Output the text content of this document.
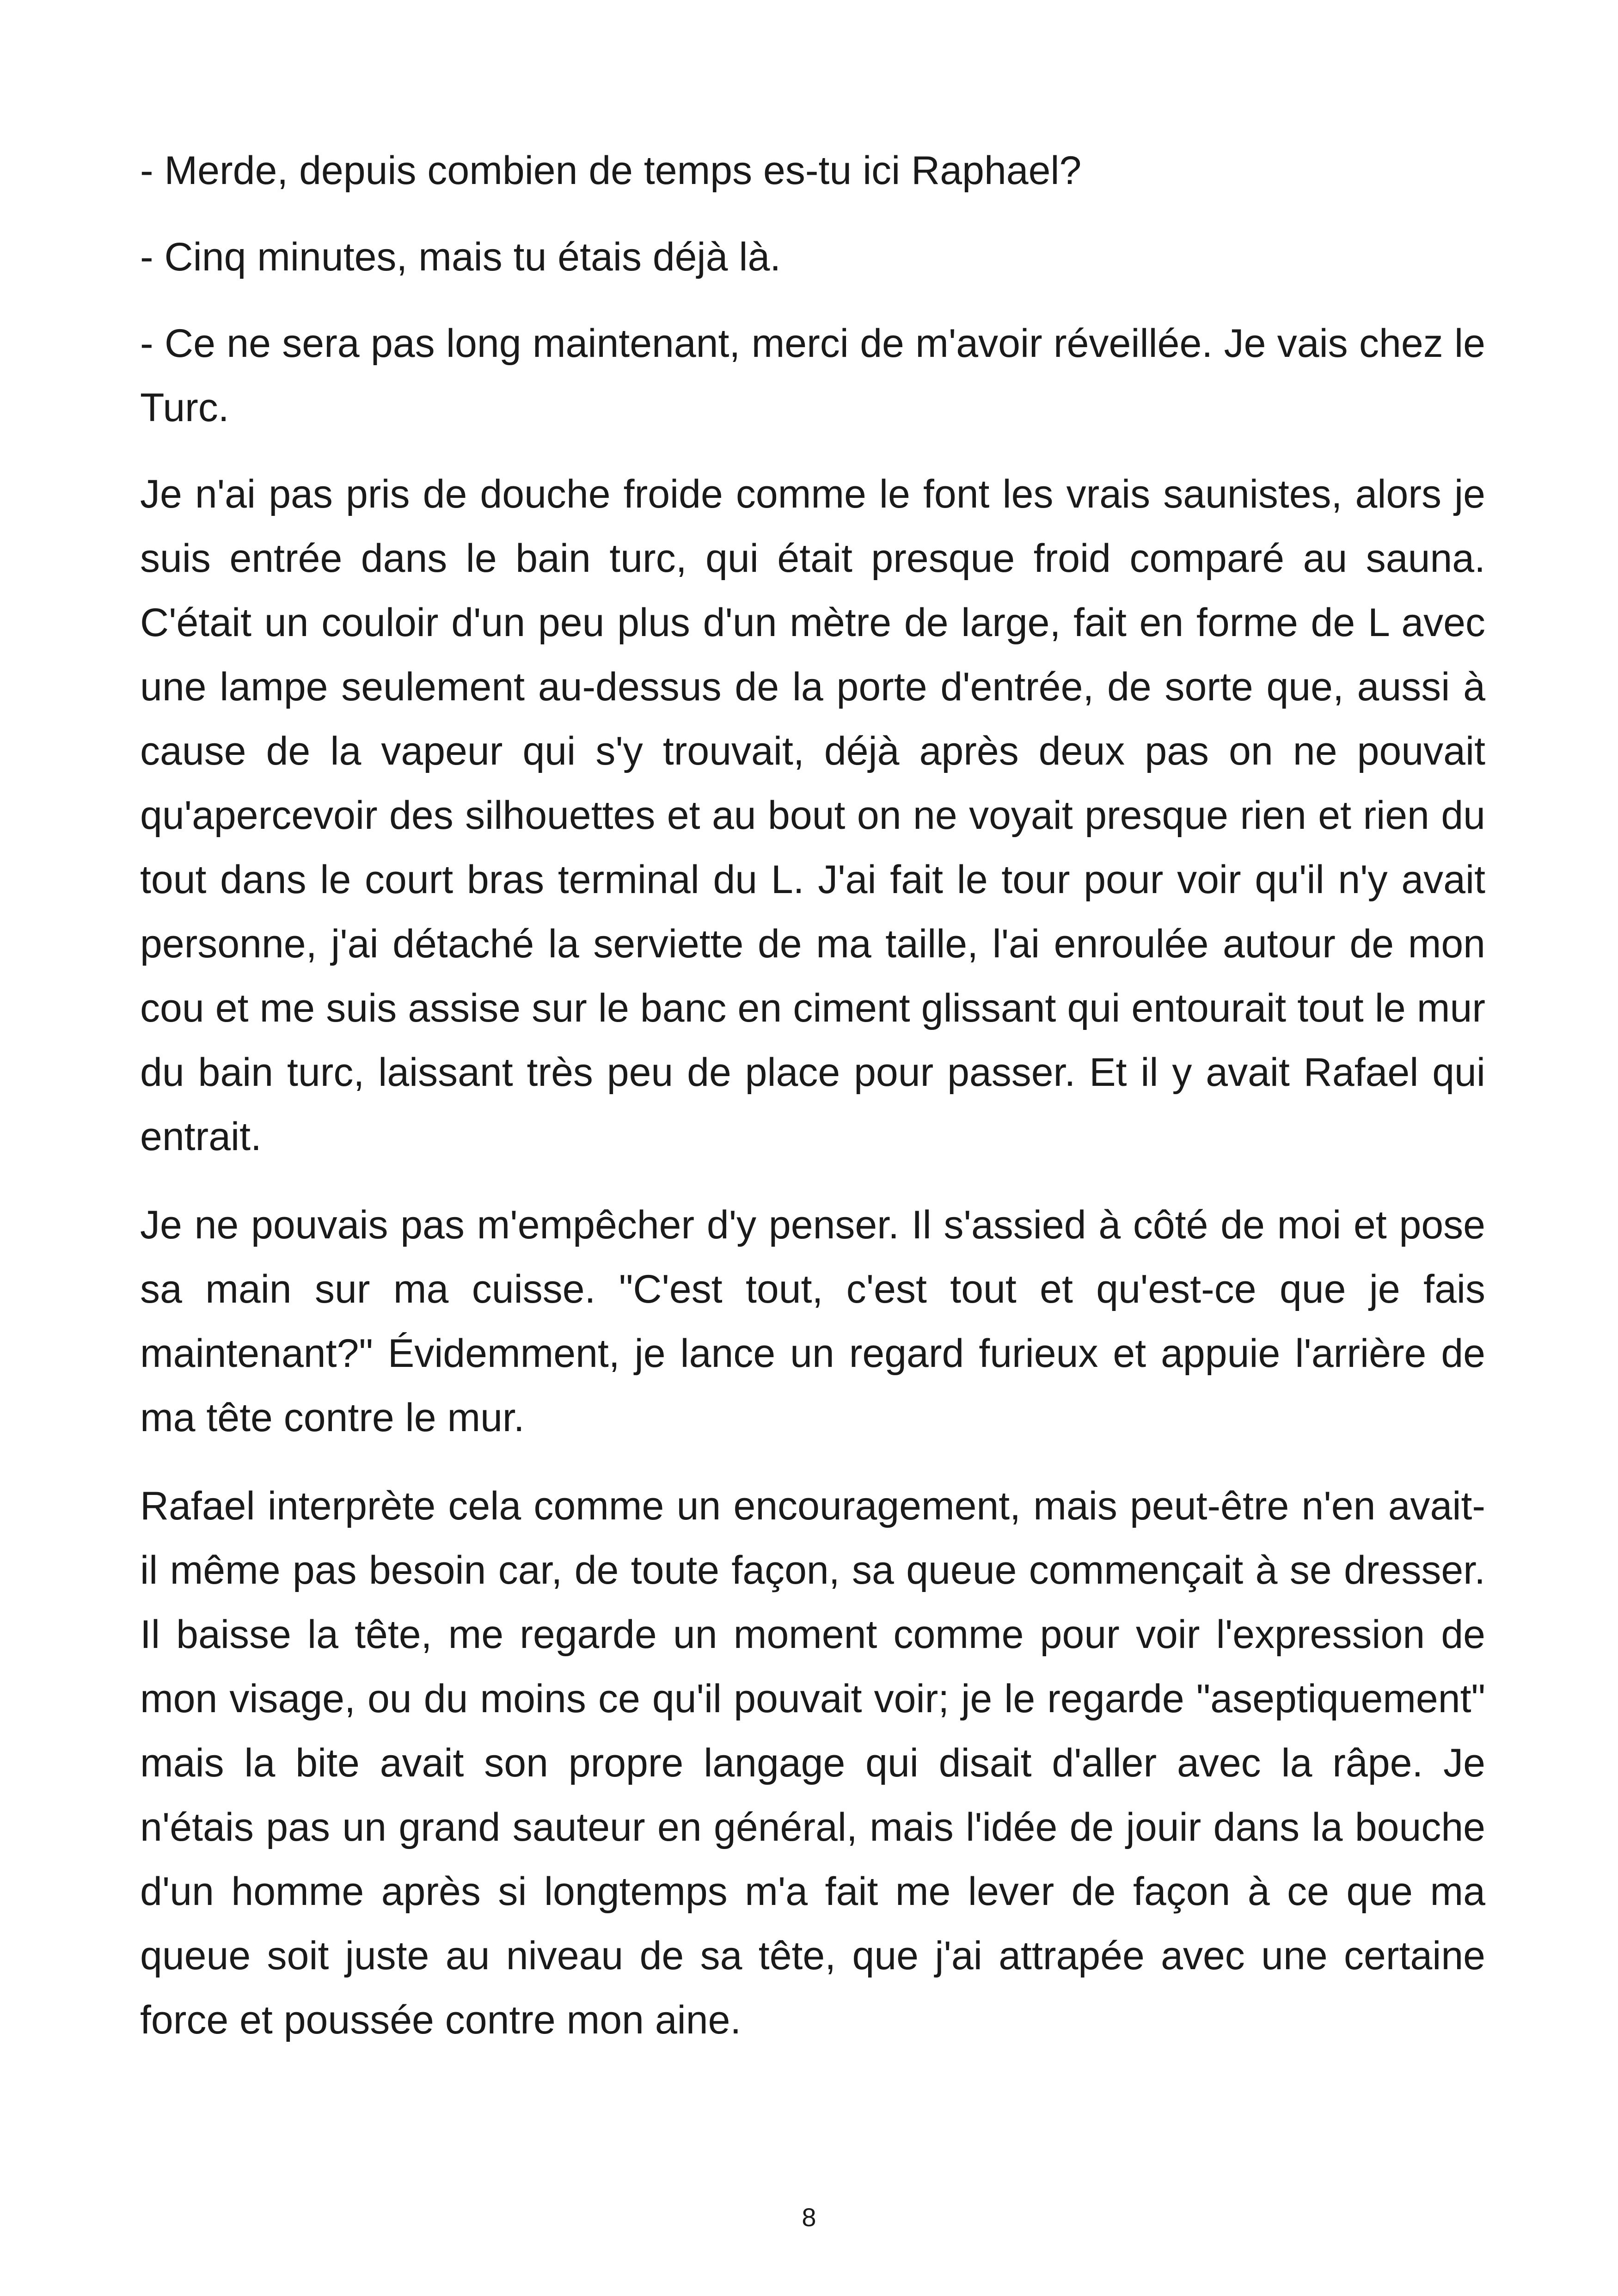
- Merde, depuis combien de temps es-tu ici Raphael?

- Cinq minutes, mais tu étais déjà là.

- Ce ne sera pas long maintenant, merci de m'avoir réveillée. Je vais chez le Turc.

Je n'ai pas pris de douche froide comme le font les vrais saunistes, alors je suis entrée dans le bain turc, qui était presque froid comparé au sauna. C'était un couloir d'un peu plus d'un mètre de large, fait en forme de L avec une lampe seulement au-dessus de la porte d'entrée, de sorte que, aussi à cause de la vapeur qui s'y trouvait, déjà après deux pas on ne pouvait qu'apercevoir des silhouettes et au bout on ne voyait presque rien et rien du tout dans le court bras terminal du L. J'ai fait le tour pour voir qu'il n'y avait personne, j'ai détaché la serviette de ma taille, l'ai enroulée autour de mon cou et me suis assise sur le banc en ciment glissant qui entourait tout le mur du bain turc, laissant très peu de place pour passer. Et il y avait Rafael qui entrait.

Je ne pouvais pas m'empêcher d'y penser. Il s'assied à côté de moi et pose sa main sur ma cuisse. "C'est tout, c'est tout et qu'est-ce que je fais maintenant?" Évidemment, je lance un regard furieux et appuie l'arrière de ma tête contre le mur.

Rafael interprète cela comme un encouragement, mais peut-être n'en avait-il même pas besoin car, de toute façon, sa queue commençait à se dresser. Il baisse la tête, me regarde un moment comme pour voir l'expression de mon visage, ou du moins ce qu'il pouvait voir; je le regarde "aseptiquement" mais la bite avait son propre langage qui disait d'aller avec la râpe. Je n'étais pas un grand sauteur en général, mais l'idée de jouir dans la bouche d'un homme après si longtemps m'a fait me lever de façon à ce que ma queue soit juste au niveau de sa tête, que j'ai attrapée avec une certaine force et poussée contre mon aine.

8
